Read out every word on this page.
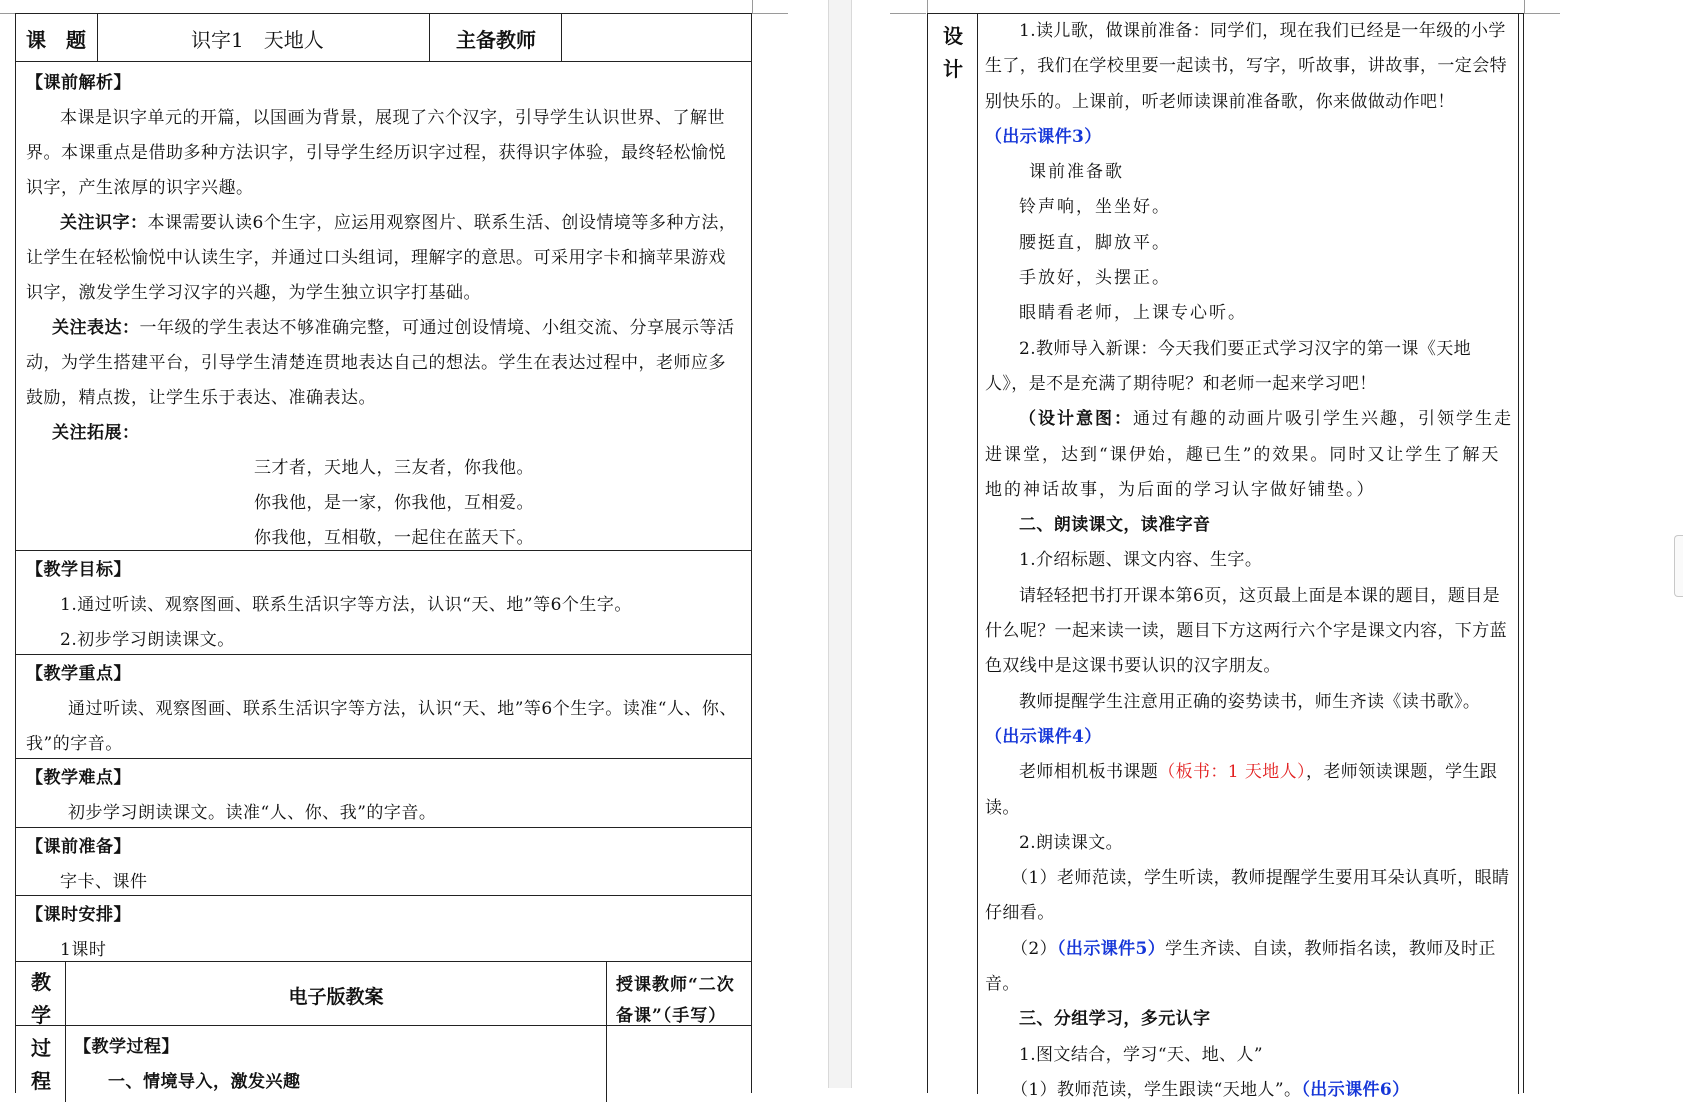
课　题	识字1　天地人	主备教师
【课前解析】
本课是识字单元的开篇，以国画为背景，展现了六个汉字，引导学生认识世界、了解世界。本课重点是借助多种方法识字，引导学生经历识字过程，获得识字体验，最终轻松愉悦识字，产生浓厚的识字兴趣。
关注识字：本课需要认读6个生字，应运用观察图片、联系生活、创设情境等多种方法，让学生在轻松愉悦中认读生字，并通过口头组词，理解字的意思。可采用字卡和摘苹果游戏识字，激发学生学习汉字的兴趣，为学生独立识字打基础。
关注表达：一年级的学生表达不够准确完整，可通过创设情境、小组交流、分享展示等活动，为学生搭建平台，引导学生清楚连贯地表达自己的想法。学生在表达过程中，老师应多鼓励，精点拨，让学生乐于表达、准确表达。
关注拓展：
三才者，天地人，三友者，你我他。
你我他，是一家，你我他，互相爱。
你我他，互相敬，一起住在蓝天下。
【教学目标】
1.通过听读、观察图画、联系生活识字等方法，认识“天、地”等6个生字。
2.初步学习朗读课文。
【教学重点】
通过听读、观察图画、联系生活识字等方法，认识“天、地”等6个生字。读准“人、你、我”的字音。
【教学难点】
初步学习朗读课文。读准“人、你、我”的字音。
【课前准备】
字卡、课件
【课时安排】
1课时
电子版教案
授课教师“二次备课”（手写）
教
学
过
程
【教学过程】
一、情境导入，激发兴趣
设
计
1.读儿歌，做课前准备：同学们，现在我们已经是一年级的小学生了，我们在学校里要一起读书，写字，听故事，讲故事，一定会特别快乐的。上课前，听老师读课前准备歌，你来做做动作吧！
（出示课件3）
课前准备歌
铃声响，坐坐好。
腰挺直，脚放平。
手放好，头摆正。
眼睛看老师，上课专心听。
2.教师导入新课：今天我们要正式学习汉字的第一课《天地人》，是不是充满了期待呢？和老师一起来学习吧！
（设计意图：通过有趣的动画片吸引学生兴趣，引领学生走进课堂，达到“课伊始，趣已生”的效果。同时又让学生了解天地的神话故事，为后面的学习认字做好铺垫。）
二、朗读课文，读准字音
1.介绍标题、课文内容、生字。
请轻轻把书打开课本第6页，这页最上面是本课的题目，题目是什么呢？一起来读一读，题目下方这两行六个字是课文内容，下方蓝色双线中是这课书要认识的汉字朋友。
教师提醒学生注意用正确的姿势读书，师生齐读《读书歌》。
（出示课件4）
老师相机板书课题（板书：1 天地人），老师领读课题，学生跟读。
2.朗读课文。
（1）老师范读，学生听读，教师提醒学生要用耳朵认真听，眼睛仔细看。
（2）（出示课件5）学生齐读、自读，教师指名读，教师及时正音。
三、分组学习，多元认字
1.图文结合，学习“天、地、人”
（1）教师范读，学生跟读“天地人”。（出示课件6）
